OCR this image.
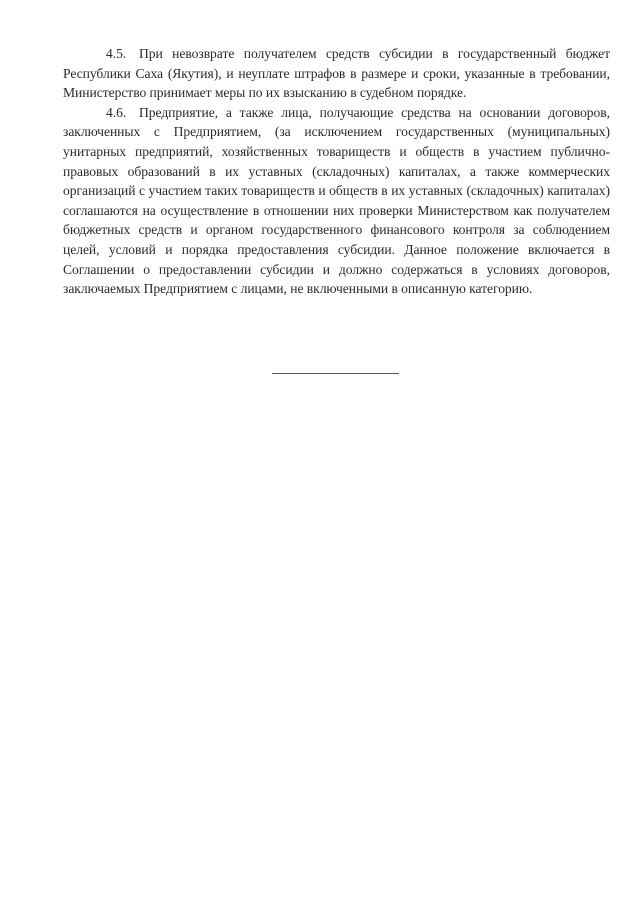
4.5. При невозврате получателем средств субсидии в государственный бюджет Республики Саха (Якутия), и неуплате штрафов в размере и сроки, указанные в требовании, Министерство принимает меры по их взысканию в судебном порядке.

4.6. Предприятие, а также лица, получающие средства на основании договоров, заключенных с Предприятием, (за исключением государственных (муниципальных) унитарных предприятий, хозяйственных товариществ и обществ в участием публично-правовых образований в их уставных (складочных) капиталах, а также коммерческих организаций с участием таких товариществ и обществ в их уставных (складочных) капиталах) соглашаются на осуществление в отношении них проверки Министерством как получателем бюджетных средств и органом государственного финансового контроля за соблюдением целей, условий и порядка предоставления субсидии. Данное положение включается в Соглашении о предоставлении субсидии и должно содержаться в условиях договоров, заключаемых Предприятием с лицами, не включенными в описанную категорию.
